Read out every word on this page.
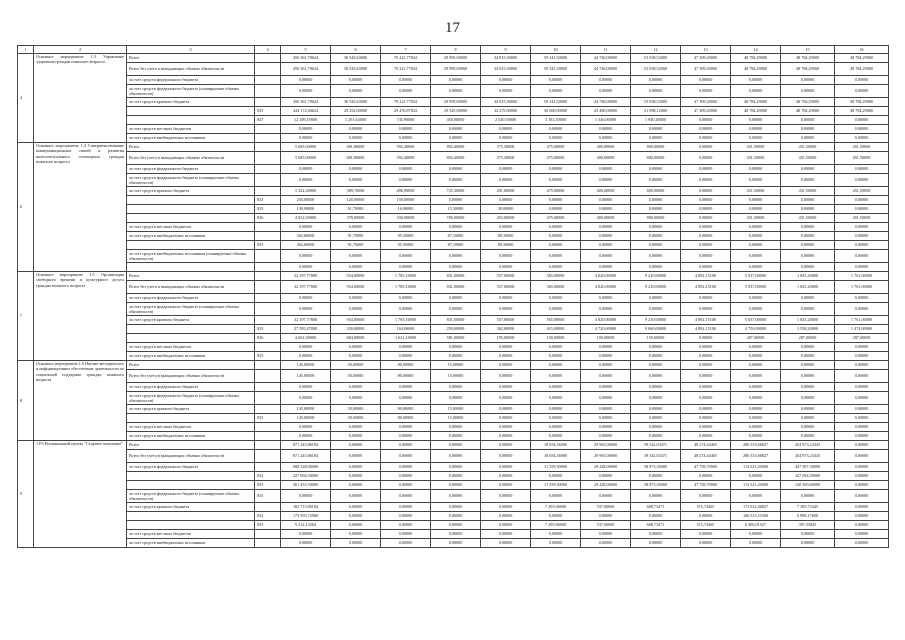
17
1	2	3	4	5	6	7	8	9	10	11	12	13	14	15	16
4	Основное мероприятие 1.3 Управление здоровьем граждан пожилого возраста	Всего		456 361,79624	30 543,63000	70 221,77824	29 995,00000	34 815,30000	59 341,50000	44 746,00000	53 038,52000	47 309,20000	48 784,29000	48 784,29000	48 784,29000
		Всего без учета в выпадающих объемах обязательств		456 361,79624	30 543,63000	70 221,77824	29 995,00000	34 815,30000	59 341,50000	44 746,00000	53 038,52000	47 309,20000	48 784,29000	48 784,29000	48 784,29000
		за счет средств федерального бюджета		0,00000	0,00000	0,00000	0,00000	0,00000	0,00000	0,00000	0,00000	0,00000	0,00000	0,00000	0,00000
		за счет средств федерального бюджета (планируемые объемы обязательств)		0,00000	0,00000	0,00000	0,00000	0,00000	0,00000	0,00000	0,00000	0,00000	0,00000	0,00000	0,00000
		за счет средств краевого бюджета		456 361,79624	30 543,63000	70 221,77824	29 995,00000	34 815,30000	59 341,50000	44 746,00000	53 038,52000	47 309,20000	48 784,29000	48 784,29000	48 784,29000
			835	444 172,60624	29 252,00000	29 476,87824	29 545,00000	32 275,00000	56 060,00000	43 400,00000	51 098,12000	47 309,20000	48 784,29000	48 784,29000	48 784,29000
			847	12 189,19000	1 291,63000	745,90000	450,00000	2 540,30000	3 181,50000	1 346,00000	1 940,40000	0,00000	0,00000	0,00000	0,00000
		за счет средств местных бюджетов		0,00000	0,00000	0,00000	0,00000	0,00000	0,00000	0,00000	0,00000	0,00000	0,00000	0,00000	0,00000
		за счет средств внебюджетных источников		0,00000	0,00000	0,00000	0,00000	0,00000	0,00000	0,00000	0,00000	0,00000	0,00000	0,00000	0,00000
6	Основное мероприятие 1.4 Совершенствование коммуникационных связей и развития интеллектуального потенциала граждан пожилого возраста	Всего		5 685,00000	681,80000	592,40000	892,40000	575,30000	475,00000	400,00000	800,00000	0,00000	451,50000	451,50000	451,50000
		Всего без учета в выпадающих объемах обязательств		5 685,00000	681,80000	592,40000	892,40000	575,30000	475,00000	400,00000	800,00000	0,00000	451,50000	451,50000	451,50000
		за счет средств федерального бюджета		0,00000	0,00000	0,00000	0,00000	0,00000	0,00000	0,00000	0,00000	0,00000	0,00000	0,00000	0,00000
		за счет средств федерального бюджета (планируемые объемы обязательств)		0,00000	0,00000	0,00000	0,00000	0,00000	0,00000	0,00000	0,00000	0,00000	0,00000	0,00000	0,00000
		за счет средств краевого бюджета		5 322,40000	589,70000	496,90000	725,30000	491,00000	475,00000	400,00000	800,00000	0,00000	451,50000	451,50000	451,50000
			833	250,00000	120,00000	150,00000	0,00000	0,00000	0,00000	0,00000	0,00000	0,00000	0,00000	0,00000	0,00000
			835	149,90000	91,70000	16,90000	15,30000	38,00000	0,00000	0,00000	0,00000	0,00000	0,00000	0,00000	0,00000
			836	4 922,50000	378,00000	330,00000	700,00000	453,00000	475,00000	400,00000	800,00000	0,00000	451,50000	451,50000	451,50000
		за счет средств местных бюджетов		0,00000	0,00000	0,00000	0,00000	0,00000	0,00000	0,00000	0,00000	0,00000	0,00000	0,00000	0,00000
		за счет средств внебюджетных источников		362,60000	91,70000	95,50000	87,10000	88,30000	0,00000	0,00000	0,00000	0,00000	0,00000	0,00000	0,00000
			835	362,60000	91,70000	95,50000	87,10000	88,30000	0,00000	0,00000	0,00000	0,00000	0,00000	0,00000	0,00000
		за счет средств внебюджетных источников (планируемые объемы обязательств)		0,00000	0,00000	0,00000	0,00000	0,00000	0,00000	0,00000	0,00000	0,00000	0,00000	0,00000	0,00000
				0,00000	0,00000	0,00000	0,00000	0,00000	0,00000	0,00000	0,00000	0,00000	0,00000	0,00000	0,00000
7	Основное мероприятие 1.5 Организация свободного времени и культурного досуга граждан пожилого возраста	Всего		32 197,77800	934,00000	1 785,16900	831,00000	557,00000	565,00000	4 820,00000	9 210,00000	4 892,15100	5 037,00000	1 845,20000	1 761,00000
		Всего без учета в выпадающих объемах обязательств		32 197,77800	934,00000	1 785,16900	831,00000	557,00000	565,00000	4 820,00000	9 210,00000	4 892,15100	5 037,00000	1 845,20000	1 761,00000
		за счет средств федерального бюджета		0,00000	0,00000	0,00000	0,00000	0,00000	0,00000	0,00000	0,00000	0,00000	0,00000	0,00000	0,00000
		за счет средств федерального бюджета (планируемые объемы обязательств)		0,00000	0,00000	0,00000	0,00000	0,00000	0,00000	0,00000	0,00000	0,00000	0,00000	0,00000	0,00000
		за счет средств краевого бюджета		32 197,77800	934,00000	1 785,16900	831,00000	557,00000	565,00000	4 820,00000	9 210,00000	4 892,15100	5 037,00000	1 845,20000	1 761,00000
			835	27 595,47800	250,00000	164,00000	250,00000	362,00000	415,00000	4 720,00000	9 060,00000	4 892,15100	4 750,00000	1 558,20000	1 474,00000
			836	4 602,30000	684,00000	1 621,16900	581,00000	195,00000	150,00000	100,00000	150,00000	0,00000	287,00000	287,00000	287,00000
		за счет средств местных бюджетов		0,00000	0,00000	0,00000	0,00000	0,00000	0,00000	0,00000	0,00000	0,00000	0,00000	0,00000	0,00000
		за счет средств внебюджетных источников	835	0,00000	0,00000	0,00000	0,00000	0,00000	0,00000	0,00000	0,00000	0,00000	0,00000	0,00000	0,00000
8	Основное мероприятие 1.6 Научно-методическое и информационное обеспечение деятельности по социальной поддержке граждан пожилого возраста	Всего		145,00000	50,00000	80,00000	15,00000	0,00000	0,00000	0,00000	0,00000	0,00000	0,00000	0,00000	0,00000
		Всего без учета в выпадающих объемах обязательств		145,00000	50,00000	80,00000	15,00000	0,00000	0,00000	0,00000	0,00000	0,00000	0,00000	0,00000	0,00000
		за счет средств федерального бюджета		0,00000	0,00000	0,00000	0,00000	0,00000	0,00000	0,00000	0,00000	0,00000	0,00000	0,00000	0,00000
		за счет средств федерального бюджета (планируемые объемы обязательств)		0,00000	0,00000	0,00000	0,00000	0,00000	0,00000	0,00000	0,00000	0,00000	0,00000	0,00000	0,00000
		за счет средств краевого бюджета		145,00000	50,00000	80,00000	15,00000	0,00000	0,00000	0,00000	0,00000	0,00000	0,00000	0,00000	0,00000
			835	145,00000	50,00000	80,00000	15,00000	0,00000	0,00000	0,00000	0,00000	0,00000	0,00000	0,00000	0,00000
		за счет средств местных бюджетов		0,00000	0,00000	0,00000	0,00000	0,00000	0,00000	0,00000	0,00000	0,00000	0,00000	0,00000	0,00000
		за счет средств внебюджетных источников		0,00000	0,00000	0,00000	0,00000	0,00000	0,00000	0,00000	0,00000	0,00000	0,00000	0,00000	0,00000
9	1.Р3 Региональный проект "Старшее поколение"	Всего		871 243,86184	0,00000	0,00000	0,00000	0,00000	18 654,36000	29 965,00000	39 542,03471	48 274,44465	286 533,66827	454 973,23445	0,00000
		Всего без учета в выпадающих объемах обязательств		871 243,86184	0,00000	0,00000	0,00000	0,00000	18 654,36000	29 965,00000	39 542,03471	48 274,44465	286 533,66827	454 973,23445	0,00000
		за счет средств федерального бюджета		688 528,00000	0,00000	0,00000	0,00000	0,00000	11 359,30000	29 428,00000	38 873,30000	47 758,70000	113 521,20000	447 587,50000	0,00000
			832	327 094,50000	0,00000	0,00000	0,00000	0,00000	0,00000	0,00000	0,00000	0,00000	0,00000	327 094,50000	0,00000
			835	361 433,50000	0,00000	0,00000	0,00000	0,00000	11 359,30000	29 428,00000	38 873,30000	47 758,70000	113 521,20000	120 369,60000	0,00000
		за счет средств федерального бюджета (планируемые объемы обязательств)	835	0,00000	0,00000	0,00000	0,00000	0,00000	0,00000	0,00000	0,00000	0,00000	0,00000	0,00000	0,00000
		за счет средств краевого бюджета		182 715,86184	0,00000	0,00000	0,00000	0,00000	7 295,06000	537,00000	668,73471	515,74465	173 012,46827	7 385,73445	0,00000
			832	173 503,72900	0,00000	0,00000	0,00000	0,00000	0,00000	0,00000	0,00000	0,00000	166 515,55300	6 988,17600	0,00000
			835	9 212,13284	0,00000	0,00000	0,00000	0,00000	7 295,06000	537,00000	668,73471	515,74465	6 496,91527	397,55845	0,00000
		за счет средств местных бюджетов		0,00000	0,00000	0,00000	0,00000	0,00000	0,00000	0,00000	0,00000	0,00000	0,00000	0,00000	0,00000
		за счет средств внебюджетных источников		0,00000	0,00000	0,00000	0,00000	0,00000	0,00000	0,00000	0,00000	0,00000	0,00000	0,00000	0,00000
